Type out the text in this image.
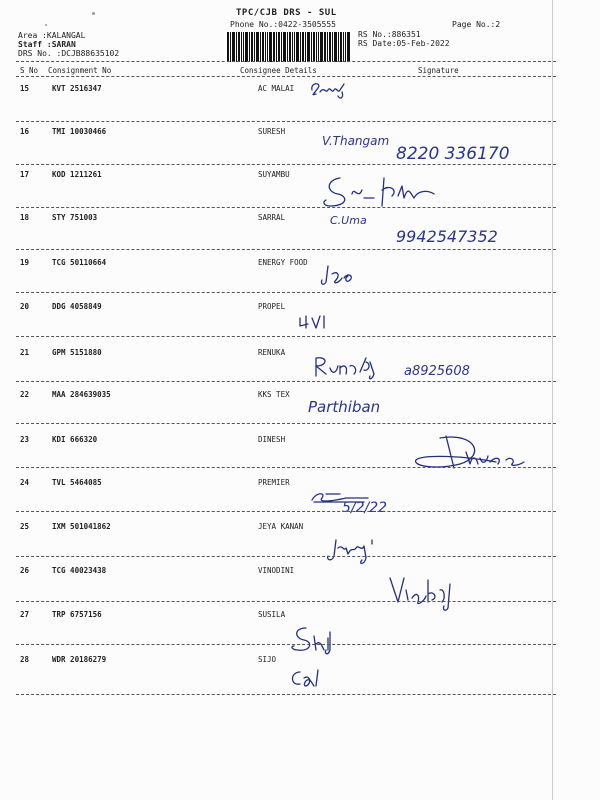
TPC/CJB DRS - SUL
Phone No.:0422-3505555	Page No.:2
Area :KALANGAL
Staff :SARAN
DRS No. :DCJB88635102
RS No.:886351
RS Date:05-Feb-2022
S No Consignment No	Consignee Details	Signature
15	KVT 2516347	AC MALAI
16	TMI 10030466	SURESH
V.Thangam
8220 336170
17	KOD 1211261	SUYAMBU
18	STY 751003	SARRAL	C.Uma
9942547352
19	TCG 50110664	ENERGY FOOD
20	DDG 4058849	PROPEL
21	GPM 5151880	RENUKA
a8925608
22	MAA 284639035	KKS TEX
Parthiban
23	KDI 666320	DINESH
24	TVL 5464085	PREMIER
5/2/22
25	IXM 501041862	JEYA KANAN
26	TCG 40023438	VINODINI
27	TRP 6757156	SUSILA
28	WDR 20186279	SIJO
